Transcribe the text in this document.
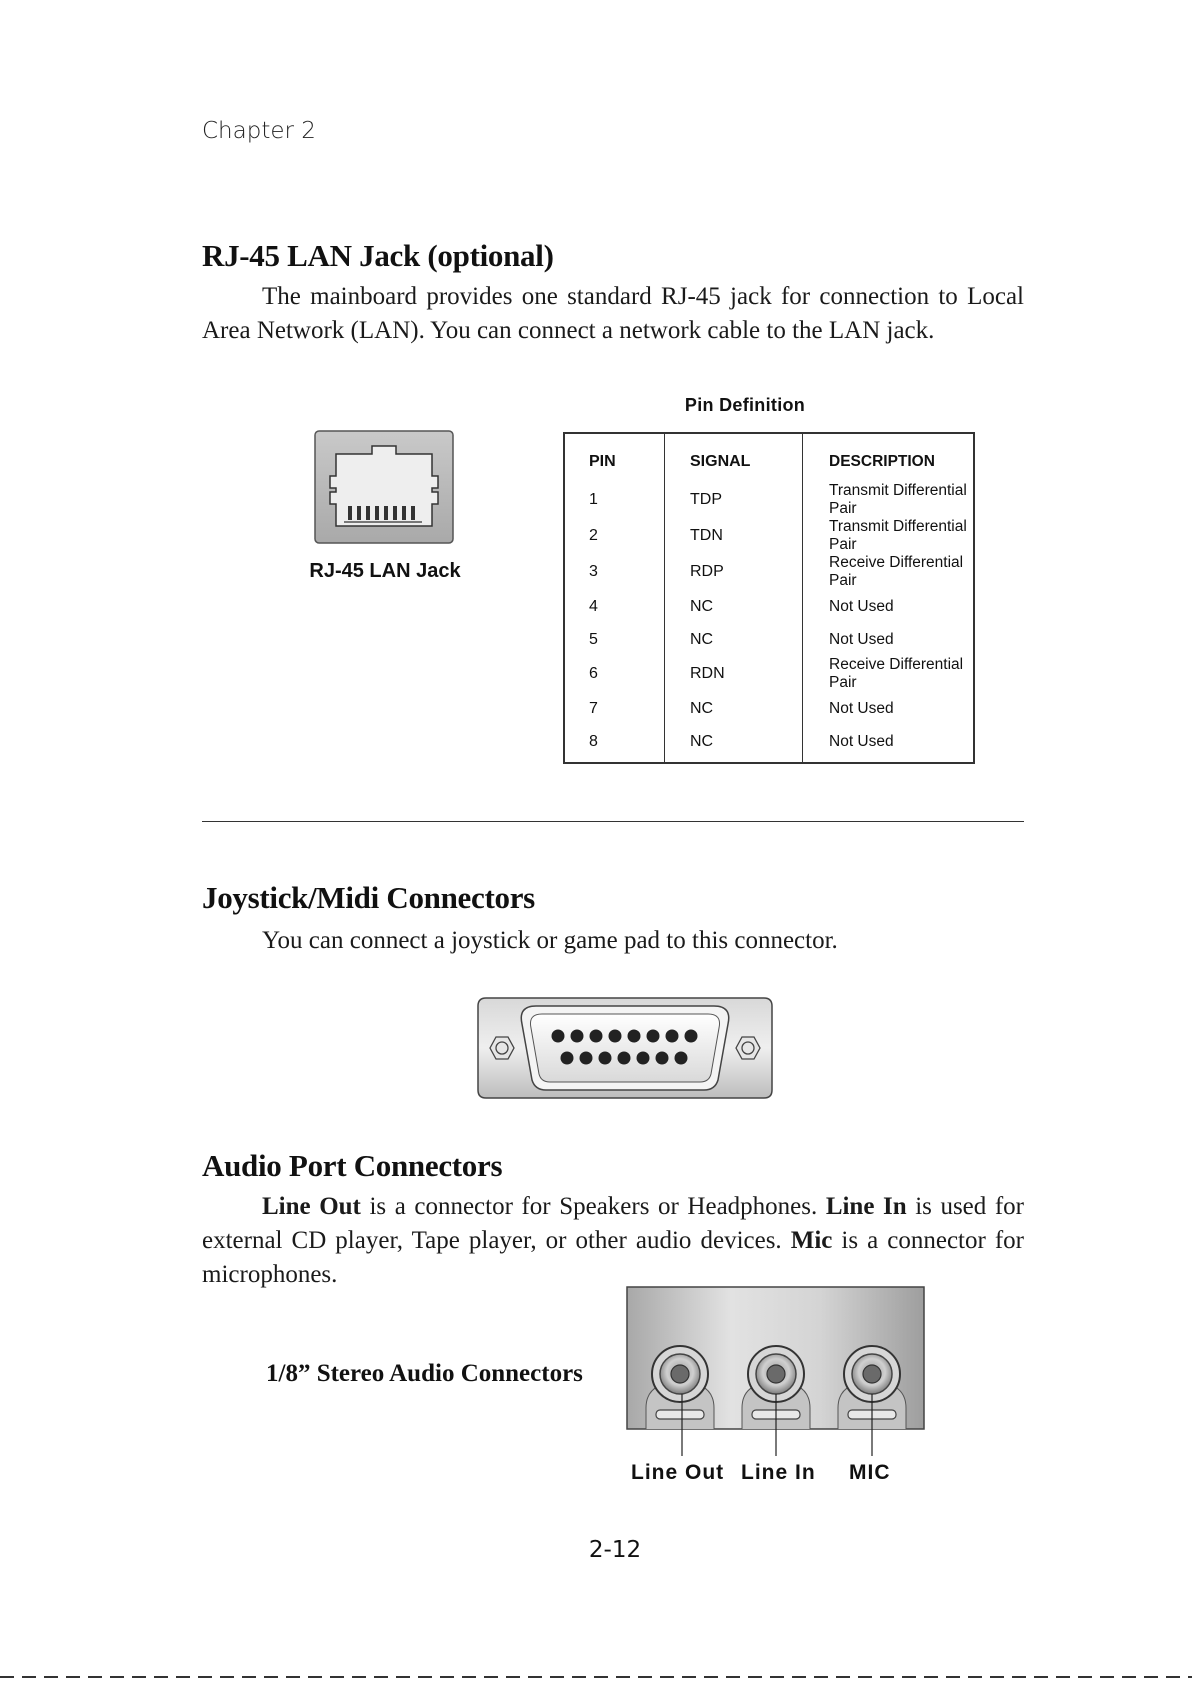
Chapter 2
RJ-45 LAN Jack (optional)
The mainboard provides one standard RJ-45 jack for connection to Local Area Network (LAN). You can connect a network cable to the LAN jack.
RJ-45 LAN Jack
Pin Definition
PIN	SIGNAL	DESCRIPTION
1	TDP	Transmit Differential Pair
2	TDN	Transmit Differential Pair
3	RDP	Receive Differential Pair
4	NC	Not Used
5	NC	Not Used
6	RDN	Receive Differential Pair
7	NC	Not Used
8	NC	Not Used
Joystick/Midi Connectors
You can connect a joystick or game pad to this connector.
Audio Port Connectors
Line Out is a connector for Speakers or Headphones. Line In is used for external CD player, Tape player, or other audio devices. Mic is a connector for microphones.
1/8” Stereo Audio Connectors
Line Out Line In MIC
2-12
